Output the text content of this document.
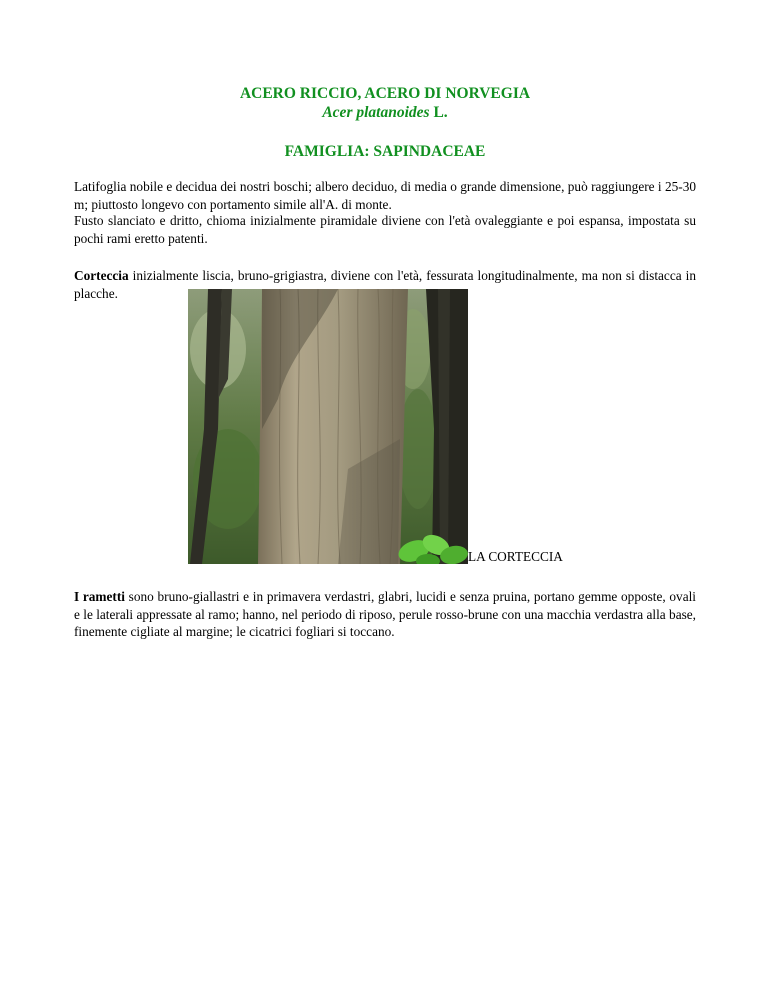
ACERO RICCIO, ACERO DI NORVEGIA
Acer platanoides L.
FAMIGLIA: SAPINDACEAE
Latifoglia nobile e decidua dei nostri boschi; albero deciduo, di media o grande dimensione, può raggiungere i 25-30 m; piuttosto longevo con portamento simile all'A. di monte.
Fusto slanciato e dritto, chioma inizialmente piramidale diviene con l'età ovaleggiante e poi espansa, impostata su pochi rami eretto patenti.
Corteccia inizialmente liscia, bruno-grigiastra, diviene con l'età, fessurata longitudinalmente, ma non si distacca in placche.
LA CORTECCIA
I rametti sono bruno-giallastri e in primavera verdastri, glabri, lucidi e senza pruina, portano gemme opposte, ovali e le laterali appressate al ramo; hanno, nel periodo di riposo, perule rosso-brune con una macchia verdastra alla base, finemente cigliate al margine; le cicatrici fogliari si toccano.
